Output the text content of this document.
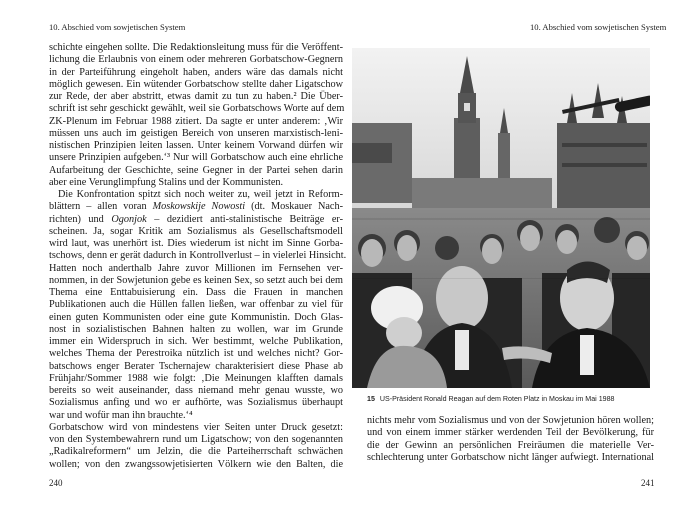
10. Abschied vom sowjetischen System
schichte eingehen sollte. Die Redaktionsleitung muss für die Veröffent-
lichung die Erlaubnis von einem oder mehreren Gorbatschow-Gegnern
in der Parteiführung eingeholt haben, anders wäre das damals nicht
möglich gewesen. Ein wütender Gorbatschow stellte daher Ligatschow
zur Rede, der aber abstritt, etwas damit zu tun zu haben.² Die Über-
schrift ist sehr geschickt gewählt, weil sie Gorbatschows Worte auf dem
ZK-Plenum im Februar 1988 zitiert. Da sagte er unter anderem: ‚Wir
müssen uns auch im geistigen Bereich von unseren marxistisch-leni-
nistischen Prinzipien leiten lassen. Unter keinem Vorwand dürfen wir
unsere Prinzipien aufgeben.‘³ Nur will Gorbatschow auch eine ehrliche
Aufarbeitung der Geschichte, seine Gegner in der Partei sehen darin
aber eine Verunglimpfung Stalins und der Kommunisten.
Die Konfrontation spitzt sich noch weiter zu, weil jetzt in Reform-
blättern – allen voran Moskowskije Nowosti (dt. Moskauer Nach-
richten) und Ogonjok – dezidiert anti-stalinistische Beiträge er-
scheinen. Ja, sogar Kritik am Sozialismus als Gesellschaftsmodell
wird laut, was unerhört ist. Dies wiederum ist nicht im Sinne Gorba-
tschows, denn er gerät dadurch in Kontrollverlust – in vielerlei Hinsicht.
Hatten noch anderthalb Jahre zuvor Millionen im Fernsehen ver-
nommen, in der Sowjetunion gebe es keinen Sex, so setzt auch bei dem
Thema eine Enttabuisierung ein. Dass die Frauen in manchen
Publikationen auch die Hüllen fallen ließen, war offenbar zu viel für
einen guten Kommunisten oder eine gute Kommunistin. Doch Glas-
nost in sozialistischen Bahnen halten zu wollen, war im Grunde
immer ein Widerspruch in sich. Wer bestimmt, welche Publikation,
welches Thema der Perestroika nützlich ist und welches nicht? Gor-
batschows enger Berater Tschernajew charakterisiert diese Phase ab
Frühjahr/Sommer 1988 wie folgt: ‚Die Meinungen klafften damals
bereits so weit auseinander, dass niemand mehr genau wusste, wo
Sozialismus anfing und wo er aufhörte, was Sozialismus überhaupt
war und wofür man ihn brauchte.‘⁴
Gorbatschow wird von mindestens vier Seiten unter Druck gesetzt:
von den Systembewahrern rund um Ligatschow; von den sogenannten
„Radikalreformern“ um Jelzin, die die Parteiherrschaft schwächen
wollen; von den zwangssowjetisierten Völkern wie den Balten, die
240
10. Abschied vom sowjetischen System
15 US-Präsident Ronald Reagan auf dem Roten Platz in Moskau im Mai 1988
nichts mehr vom Sozialismus und von der Sowjetunion hören wollen;
und von einem immer stärker werdenden Teil der Bevölkerung, für
die der Gewinn an persönlichen Freiräumen die materielle Ver-
schlechterung unter Gorbatschow nicht länger aufwiegt. International
241
